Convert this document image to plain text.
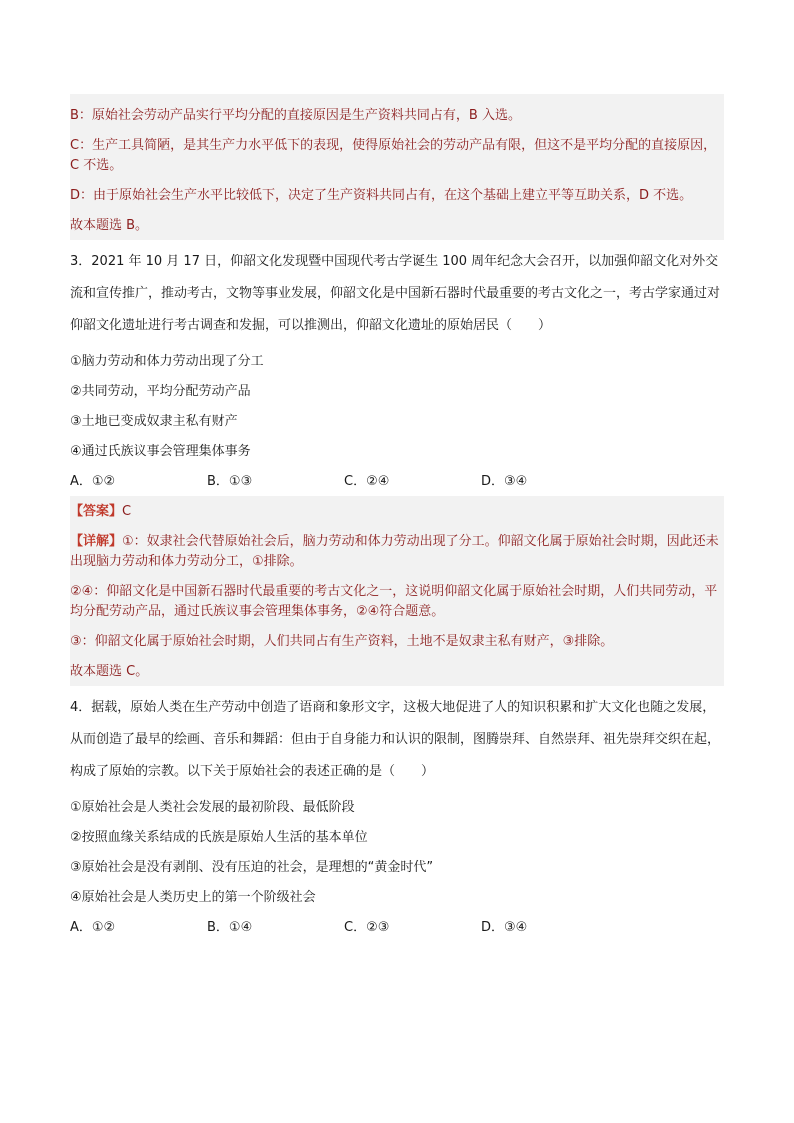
B：原始社会劳动产品实行平均分配的直接原因是生产资料共同占有，B 入选。
C：生产工具简陋，是其生产力水平低下的表现，使得原始社会的劳动产品有限，但这不是平均分配的直接原因，C 不选。
D：由于原始社会生产水平比较低下，决定了生产资料共同占有，在这个基础上建立平等互助关系，D 不选。
故本题选 B。
3．2021 年 10 月 17 日，仰韶文化发现暨中国现代考古学诞生 100 周年纪念大会召开，以加强仰韶文化对外交流和宣传推广，推动考古，文物等事业发展，仰韶文化是中国新石器时代最重要的考古文化之一，考古学家通过对仰韶文化遗址进行考古调查和发掘，可以推测出，仰韶文化遗址的原始居民（　　）
①脑力劳动和体力劳动出现了分工
②共同劳动，平均分配劳动产品
③土地已变成奴隶主私有财产
④通过氏族议事会管理集体事务
A．①②	B．①③	C．②④	D．③④
【答案】C
【详解】①：奴隶社会代替原始社会后，脑力劳动和体力劳动出现了分工。仰韶文化属于原始社会时期，因此还未出现脑力劳动和体力劳动分工，①排除。
②④：仰韶文化是中国新石器时代最重要的考古文化之一，这说明仰韶文化属于原始社会时期，人们共同劳动，平均分配劳动产品，通过氏族议事会管理集体事务，②④符合题意。
③：仰韶文化属于原始社会时期，人们共同占有生产资料，土地不是奴隶主私有财产，③排除。
故本题选 C。
4．据载，原始人类在生产劳动中创造了语商和象形文字，这极大地促进了人的知识积累和扩大文化也随之发展，从而创造了最早的绘画、音乐和舞蹈：但由于自身能力和认识的限制，图腾崇拜、自然崇拜、祖先崇拜交织在起，构成了原始的宗教。以下关于原始社会的表述正确的是（　　）
①原始社会是人类社会发展的最初阶段、最低阶段
②按照血缘关系结成的氏族是原始人生活的基本单位
③原始社会是没有剥削、没有压迫的社会，是理想的“黄金时代”
④原始社会是人类历史上的第一个阶级社会
A．①②	B．①④	C．②③	D．③④
